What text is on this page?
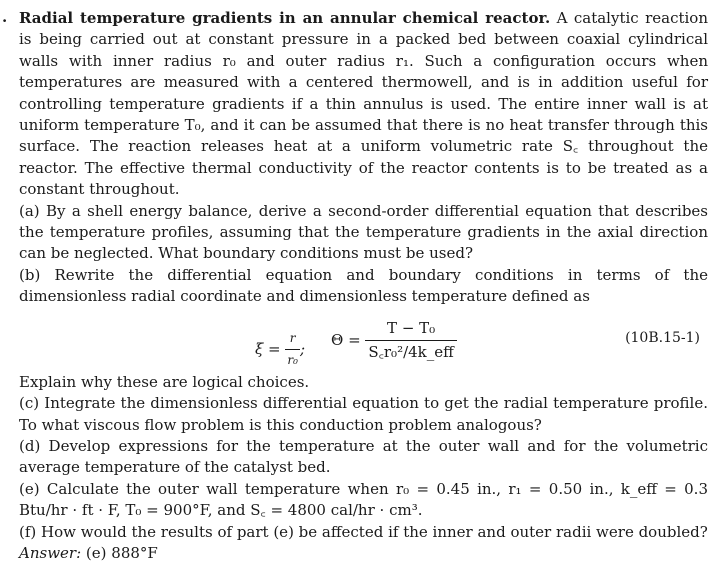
. Radial temperature gradients in an annular chemical reactor. A catalytic reaction is being carried out at constant pressure in a packed bed between coaxial cylindrical walls with inner radius r₀ and outer radius r₁. Such a configuration occurs when temperatures are measured with a centered thermowell, and is in addition useful for controlling temperature gradients if a thin annulus is used. The entire inner wall is at uniform temperature T₀, and it can be assumed that there is no heat transfer through this surface. The reaction releases heat at a uniform volumetric rate S꜀ throughout the reactor. The effective thermal conductivity of the reactor contents is to be treated as a constant throughout.

(a) By a shell energy balance, derive a second-order differential equation that describes the temperature profiles, assuming that the temperature gradients in the axial direction can be neglected. What boundary conditions must be used?

(b) Rewrite the differential equation and boundary conditions in terms of the dimensionless radial coordinate and dimensionless temperature defined as

$\xi = \frac{r}{\text{r₀}}$ ; $\Theta = \frac{\text{T − T₀}}{\text{S꜀r₀²/4k\_eff}}$	(10B.15-1)

Explain why these are logical choices.

(c) Integrate the dimensionless differential equation to get the radial temperature profile. To what viscous flow problem is this conduction problem analogous?

(d) Develop expressions for the temperature at the outer wall and for the volumetric average temperature of the catalyst bed.

(e) Calculate the outer wall temperature when r₀ = 0.45 in., r₁ = 0.50 in., k_eff = 0.3 Btu/hr · ft · F, T₀ = 900°F, and S꜀ = 4800 cal/hr · cm³.

(f) How would the results of part (e) be affected if the inner and outer radii were doubled?

Answer: (e) 888°F
